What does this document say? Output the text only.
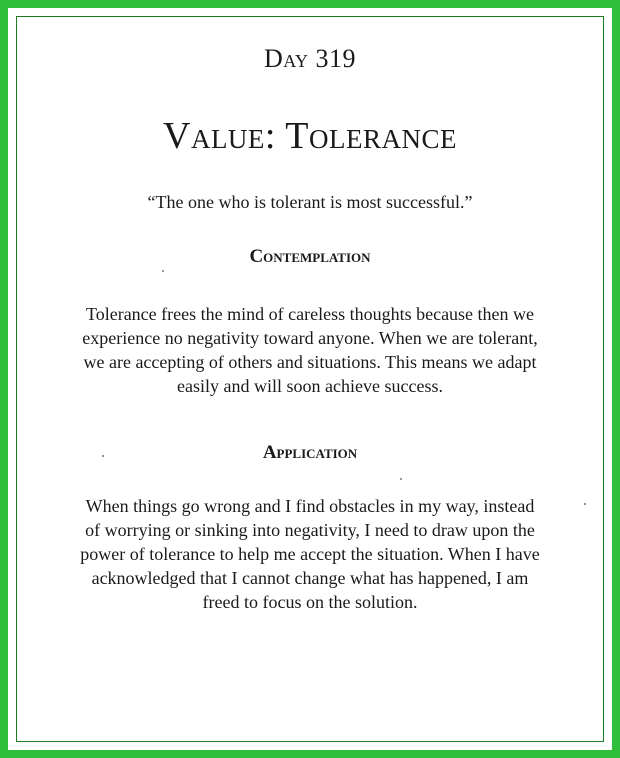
Day 319
Value: Tolerance
“The one who is tolerant is most successful.”
Contemplation
Tolerance frees the mind of careless thoughts because then we
experience no negativity toward anyone. When we are tolerant,
we are accepting of others and situations. This means we adapt
easily and will soon achieve success.
Application
When things go wrong and I find obstacles in my way, instead
of worrying or sinking into negativity, I need to draw upon the
power of tolerance to help me accept the situation. When I have
acknowledged that I cannot change what has happened, I am
freed to focus on the solution.
